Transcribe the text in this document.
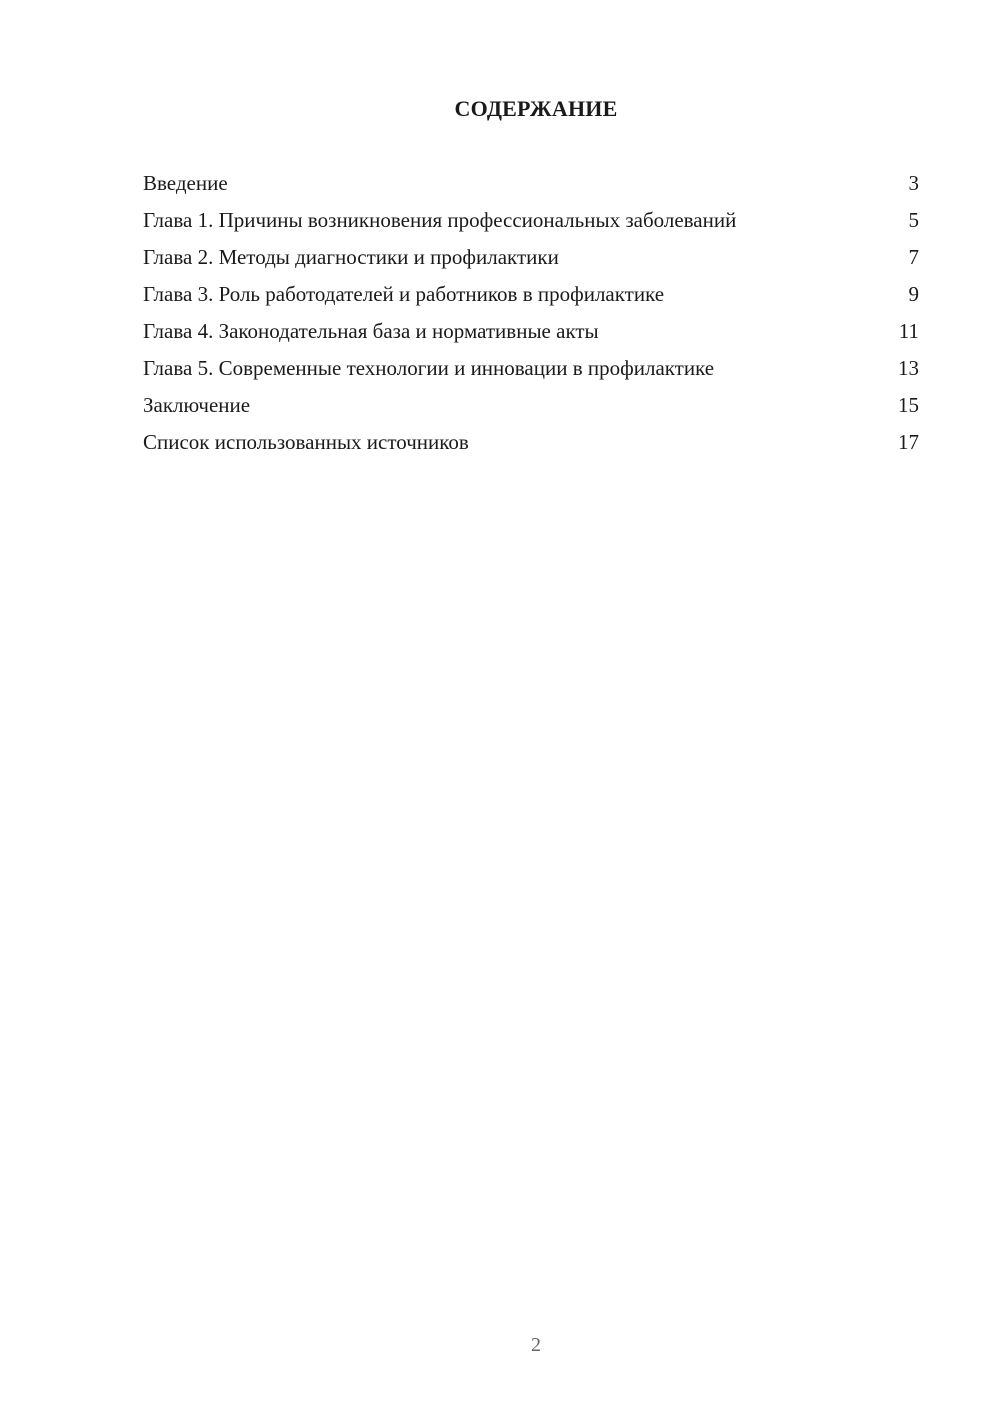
СОДЕРЖАНИЕ
Введение	3
Глава 1. Причины возникновения профессиональных заболеваний	5
Глава 2. Методы диагностики и профилактики	7
Глава 3. Роль работодателей и работников в профилактике	9
Глава 4. Законодательная база и нормативные акты	11
Глава 5. Современные технологии и инновации в профилактике	13
Заключение	15
Список использованных источников	17
2
